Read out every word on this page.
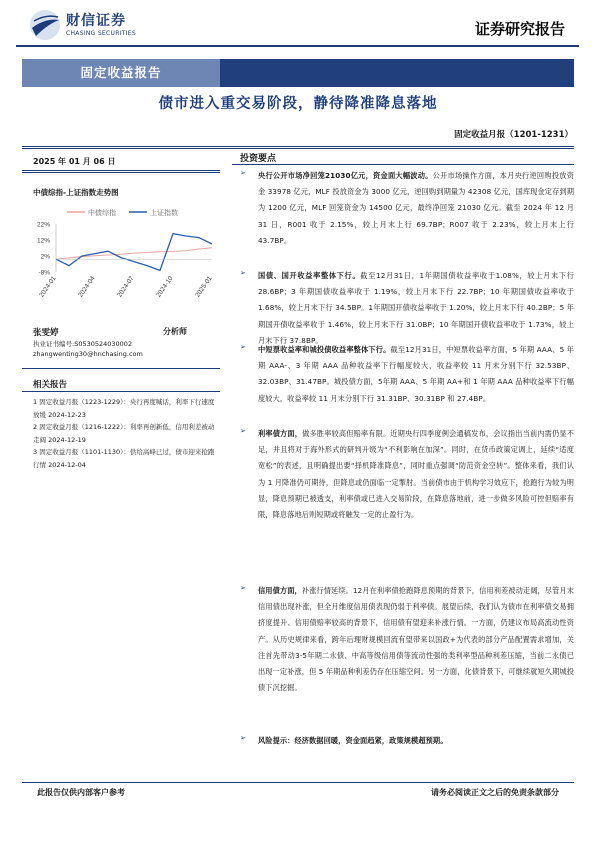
财信证券
CHASING SECURITIES	证券研究报告
固定收益报告
债市进入重交易阶段，静待降准降息落地
固定收益月报（1201-1231）
2025 年 01 月 06 日
中债综指-上证指数走势图
中债综指	上证指数
22%
12%
2%
-8%
2024-01	2024-04	2024-07	2024-10	2025-01
张雯婷	分析师
执业证书编号:S0530524030002
zhangwenting30@hnchasing.com
相关报告
1 固定收益月报（1223-1229）：央行再度喊话，利率下行速度放缓 2024-12-23
2 固定收益月报（1216-1222）：利率再创新低，信用利差被动走阔 2024-12-19
3 固定收益月报（1101-1130）：供给高峰已过，债市迎来抢跑行情 2024-12-04
投资要点
➢ 央行公开市场净回笼21030亿元，资金面大幅波动。公开市场操作方面，本月央行逆回购投放资金 33978 亿元，MLF 投放资金为 3000 亿元，逆回购到期量为 42308 亿元，国库现金定存到期为 1200 亿元，MLF 回笼资金为 14500 亿元，最终净回笼 21030 亿元。截至 2024 年 12 月 31 日，R001 收于 2.15%，较上月末上行 69.7BP；R007 收于 2.23%，较上月末上行 43.7BP。
➢ 国债、国开收益率整体下行。截至12月31日，1年期国债收益率收于1.08%，较上月末下行 28.6BP；3 年期国债收益率收于 1.19%，较上月末下行 22.7BP；10 年期国债收益率收于 1.68%，较上月末下行 34.5BP。1年期国开债收益率收于 1.20%，较上月末下行 40.2BP；5 年期国开债收益率收于 1.46%，较上月末下行 31.0BP；10 年期国开债收益率收于 1.73%，较上月末下行 37.8BP。
➢ 中短票收益率和城投债收益率整体下行。截至12月31日，中短票收益率方面，5 年期 AAA、5 年期 AAA-、3 年期 AAA 品种收益率下行幅度较大，收益率较 11 月末分别下行 32.53BP、32.03BP、31.47BP。城投债方面，5年期 AAA、5 年期 AA+和 1 年期 AAA 品种收益率下行幅度较大，收益率较 11 月末分别下行 31.31BP、30.31BP 和 27.4BP。
➢ 利率债方面，做多胜率较高但赔率有限。近期央行四季度例会通稿发布，会议指出当前内需仍显不足，并且将对于海外形式的研判升级为“不利影响在加深”。同时，在货币政策定调上，延续“适度宽松”的表述，且明确提出要“择机降准降息”，同时重点强调“防范资金空转”。整体来看，我们认为 1 月降准仍可期待，但降息或仍面临一定掣肘。当前债市由于机构学习效应下，抢跑行为较为明显，降息预期已被透支，利率债或已进入交易阶段，在降息落地前，进一步做多风险可控但赔率有限，降息落地后则短期或将触发一定的止盈行为。
➢ 信用债方面，补涨行情延续。12月在利率债抢跑降息预期的背景下，信用利差被动走阔，尽管月末信用债出现补涨，但全月维度信用债表现仍弱于利率债。展望后续，我们认为债市在利率债交易拥挤度提升、信用债赔率较高的背景下，信用债有望迎来补涨行情。一方面，仍建议布局高流动性资产。从历史规律来看，跨年后理财规模回流有望带来以国政+为代表的部分产品配置需求增加，关注首先带动3-5年期二永债、中高等级信用债等流动性强的类利率型品种利差压缩，当前二永债已出现一定补涨，但 5 年期品种利差仍存在压缩空间。另一方面，化债背景下，可继续就短久期城投债下沉挖掘。
➢ 风险提示：经济数据回暖，资金面趋紧，政策规模超预期。
此报告仅供内部客户参考	请务必阅读正文之后的免责条款部分
